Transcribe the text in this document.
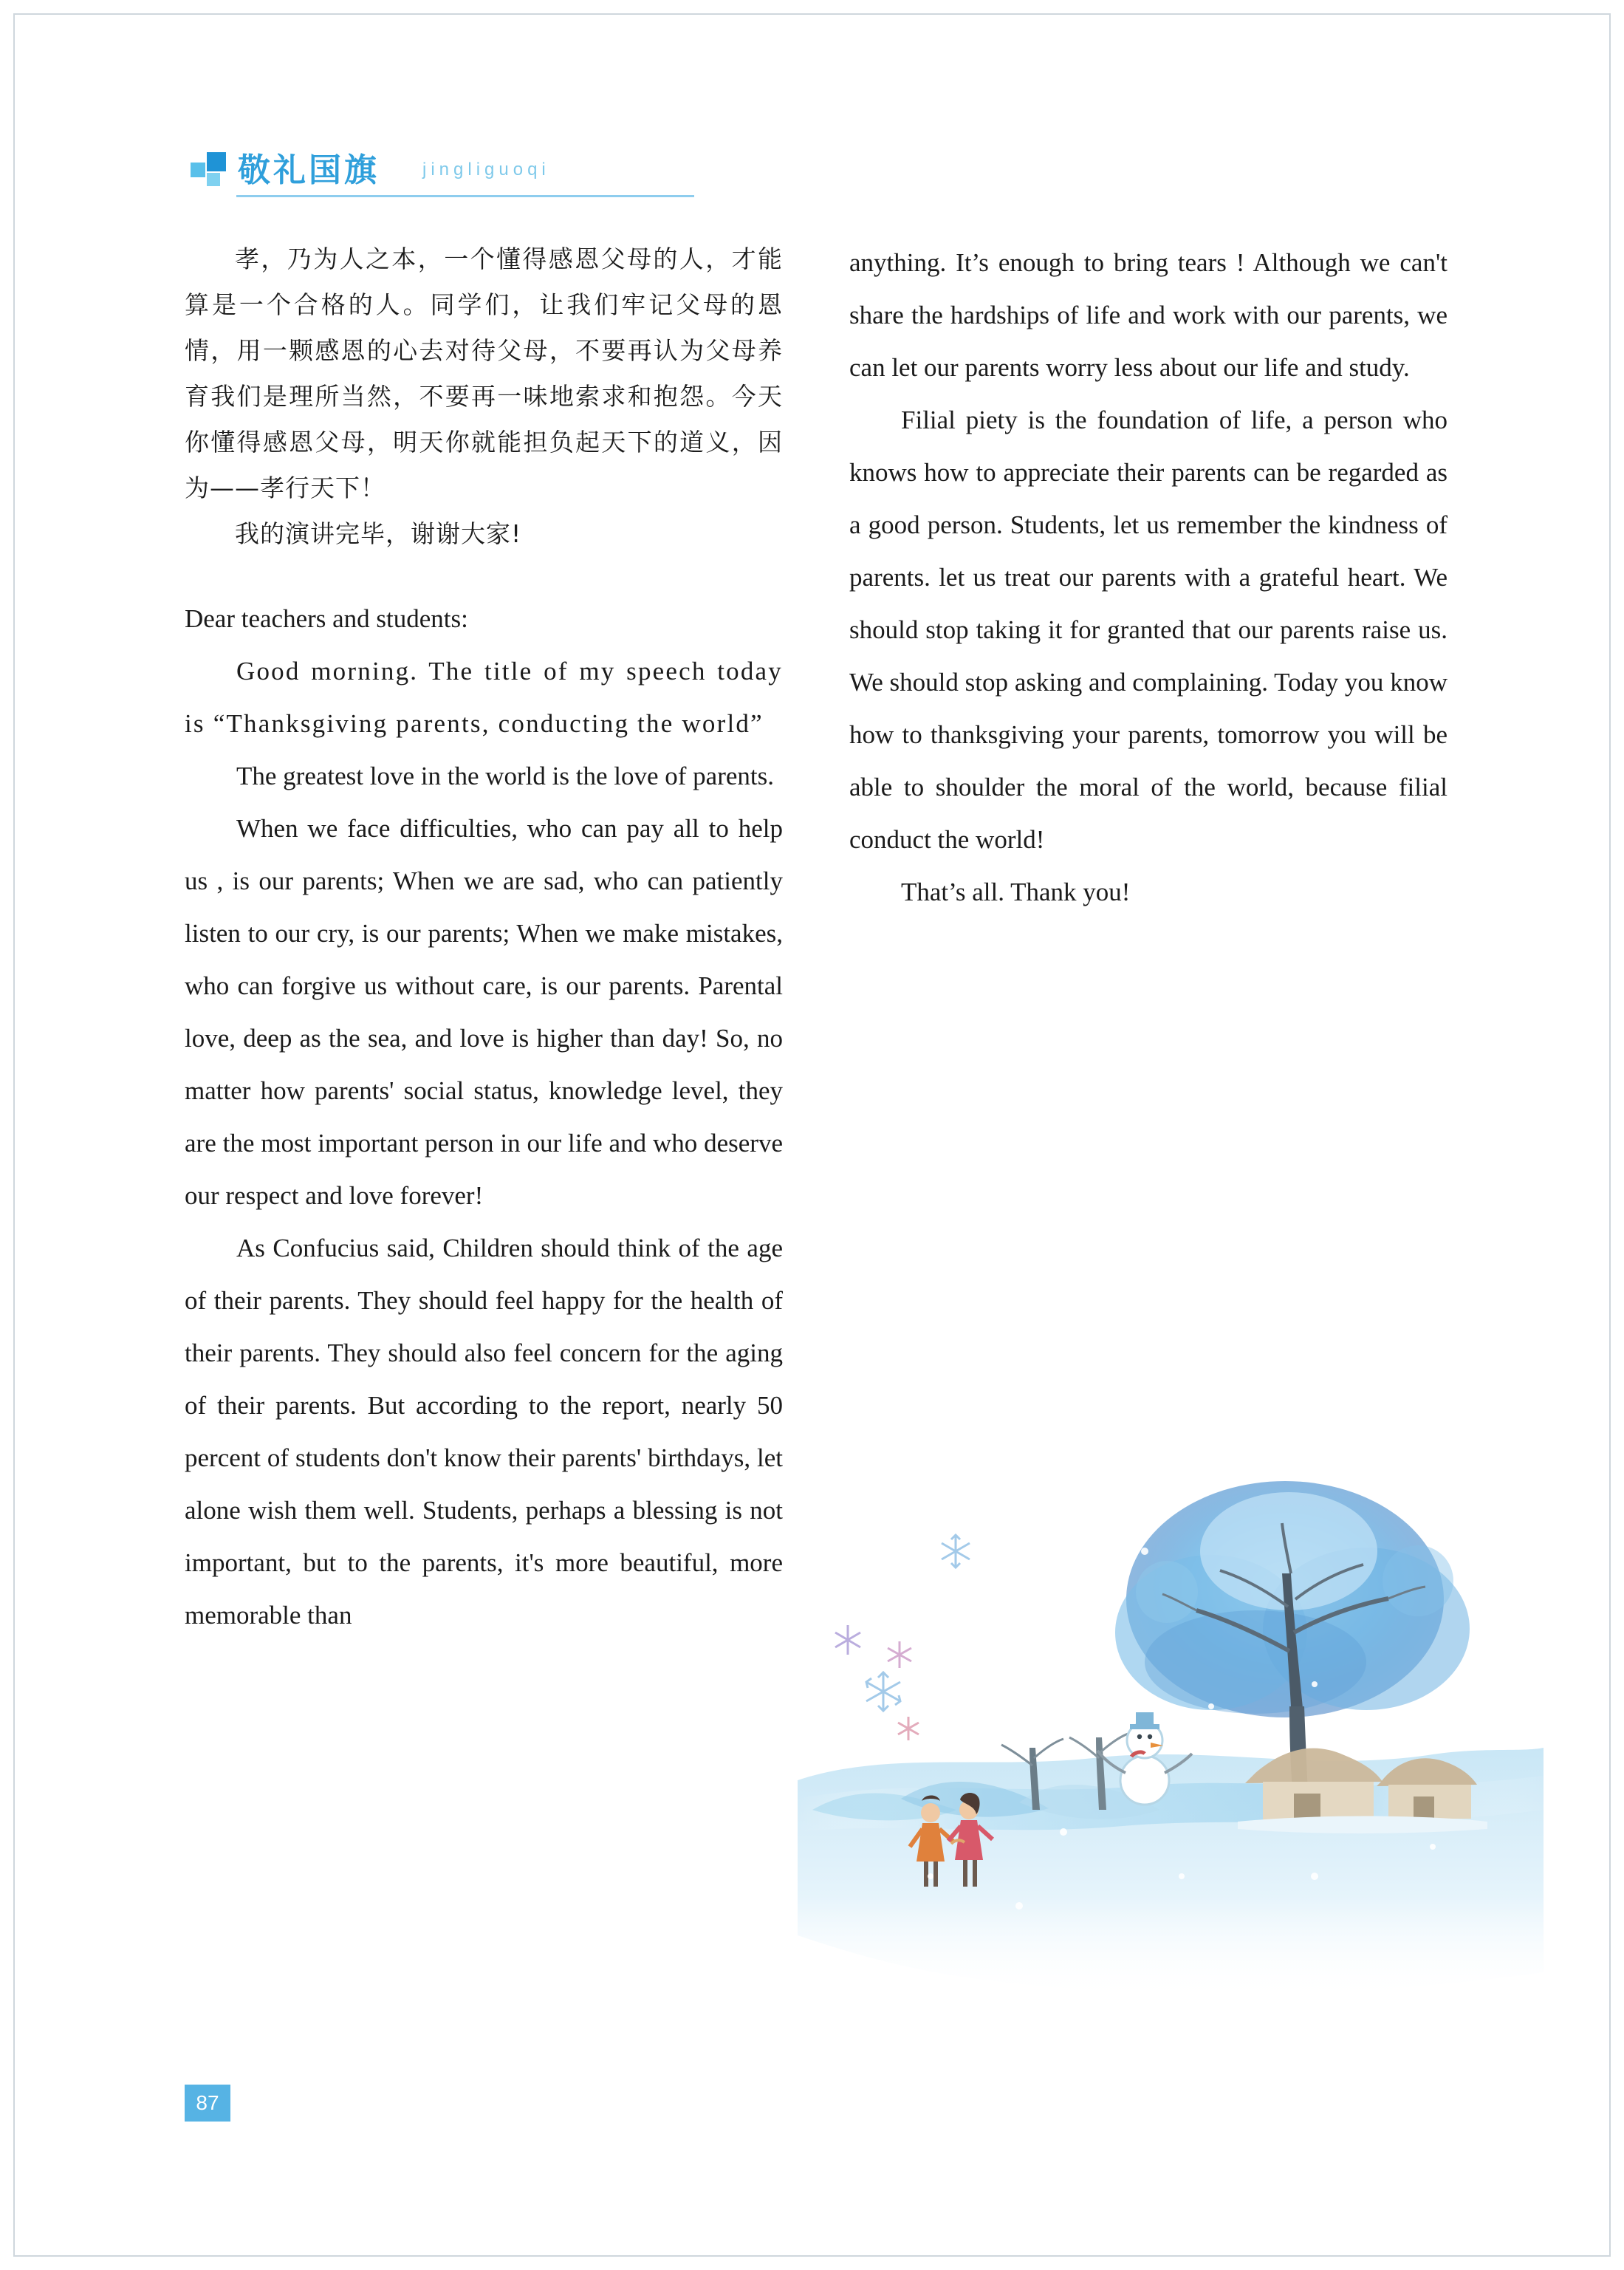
敬礼国旗 jingliguoqi

孝，乃为人之本，一个懂得感恩父母的人，才能算是一个合格的人。同学们，让我们牢记父母的恩情，用一颗感恩的心去对待父母，不要再认为父母养育我们是理所当然，不要再一味地索求和抱怨。今天你懂得感恩父母，明天你就能担负起天下的道义，因为——孝行天下！

我的演讲完毕，谢谢大家!

Dear teachers and students:

Good morning. The title of my speech today is “Thanksgiving parents, conducting the world”

The greatest love in the world is the love of parents.

When we face difficulties, who can pay all to help us , is our parents; When we are sad, who can patiently listen to our cry, is our parents; When we make mistakes, who can forgive us without care, is our parents. Parental love, deep as the sea, and love is higher than day! So, no matter how parents' social status, knowledge level, they are the most important person in our life and who deserve our respect and love forever!

As Confucius said, Children should think of the age of their parents. They should feel happy for the health of their parents. They should also feel concern for the aging of their parents. But according to the report, nearly 50 percent of students don't know their parents' birthdays, let alone wish them well. Students, perhaps a blessing is not important, but to the parents, it's more beautiful, more memorable than

anything. It’s enough to bring tears ! Although we can't share the hardships of life and work with our parents, we can let our parents worry less about our life and study.

Filial piety is the foundation of life, a person who knows how to appreciate their parents can be regarded as a good person. Students, let us remember the kindness of parents. let us treat our parents with a grateful heart. We should stop taking it for granted that our parents raise us. We should stop asking and complaining. Today you know how to thanksgiving your parents, tomorrow you will be able to shoulder the moral of the world, because filial conduct the world!

That’s all. Thank you!

87
